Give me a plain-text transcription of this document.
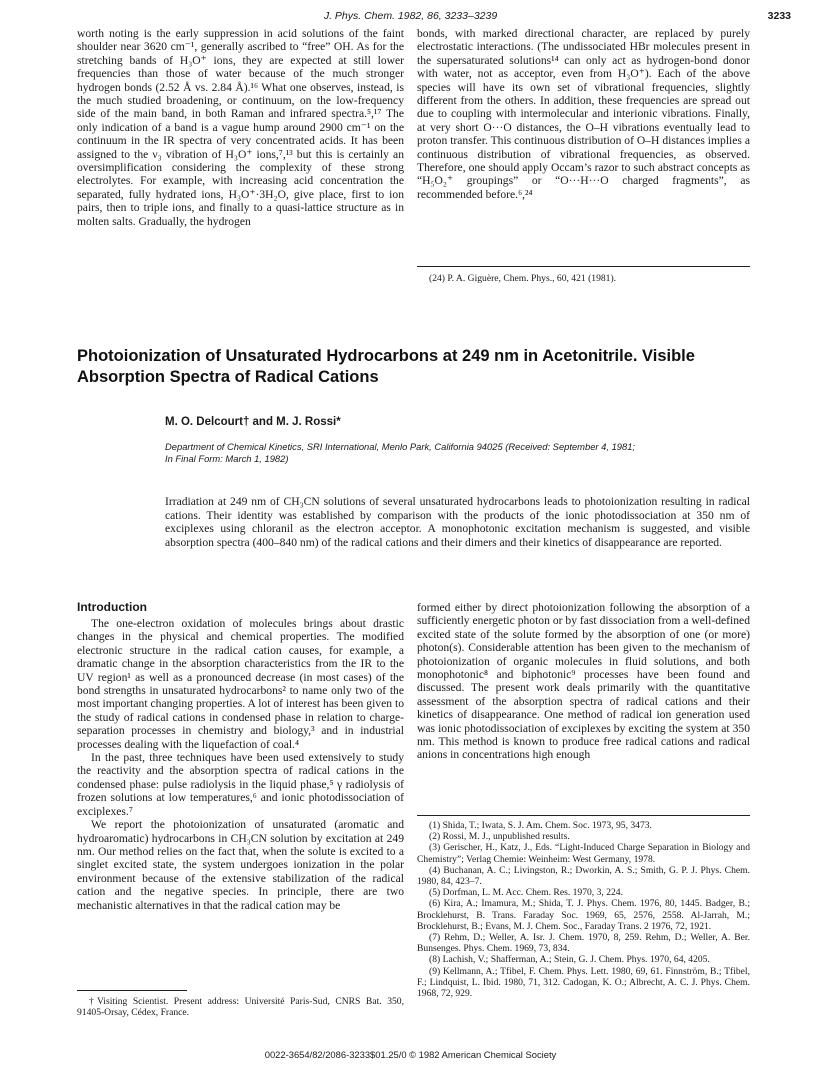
J. Phys. Chem. 1982, 86, 3233–3239	3233

worth noting is the early suppression in acid solutions of the faint shoulder near 3620 cm⁻¹, generally ascribed to “free” OH. As for the stretching bands of H₃O⁺ ions, they are expected at still lower frequencies than those of water because of the much stronger hydrogen bonds (2.52 Å vs. 2.84 Å).¹⁶ What one observes, instead, is the much studied broadening, or continuum, on the low-frequency side of the main band, in both Raman and infrared spectra.⁵,¹⁷ The only indication of a band is a vague hump around 2900 cm⁻¹ on the continuum in the IR spectra of very concentrated acids. It has been assigned to the ν₃ vibration of H₃O⁺ ions,⁷,¹³ but this is certainly an oversimplification considering the complexity of these strong electrolytes. For example, with increasing acid concentration the separated, fully hydrated ions, H₃O⁺·3H₂O, give place, first to ion pairs, then to triple ions, and finally to a quasi-lattice structure as in molten salts. Gradually, the hydrogen

bonds, with marked directional character, are replaced by purely electrostatic interactions. (The undissociated HBr molecules present in the supersaturated solutions¹⁴ can only act as hydrogen-bond donor with water, not as acceptor, even from H₃O⁺). Each of the above species will have its own set of vibrational frequencies, slightly different from the others. In addition, these frequencies are spread out due to coupling with intermolecular and interionic vibrations. Finally, at very short O···O distances, the O–H vibrations eventually lead to proton transfer. This continuous distribution of O–H distances implies a continuous distribution of vibrational frequencies, as observed. Therefore, one should apply Occam’s razor to such abstract concepts as “H₅O₂⁺ groupings” or “O···H···O charged fragments”, as recommended before.⁶,²⁴

(24) P. A. Giguère, Chem. Phys., 60, 421 (1981).

Photoionization of Unsaturated Hydrocarbons at 249 nm in Acetonitrile. Visible Absorption Spectra of Radical Cations
M. O. Delcourt† and M. J. Rossi*
Department of Chemical Kinetics, SRI International, Menlo Park, California 94025 (Received: September 4, 1981;
In Final Form: March 1, 1982)
Irradiation at 249 nm of CH₃CN solutions of several unsaturated hydrocarbons leads to photoionization resulting in radical cations. Their identity was established by comparison with the products of the ionic photodissociation at 350 nm of exciplexes using chloranil as the electron acceptor. A monophotonic excitation mechanism is suggested, and visible absorption spectra (400–840 nm) of the radical cations and their dimers and their kinetics of disappearance are reported.
Introduction

The one-electron oxidation of molecules brings about drastic changes in the physical and chemical properties. The modified electronic structure in the radical cation causes, for example, a dramatic change in the absorption characteristics from the IR to the UV region¹ as well as a pronounced decrease (in most cases) of the bond strengths in unsaturated hydrocarbons² to name only two of the most important changing properties. A lot of interest has been given to the study of radical cations in condensed phase in relation to charge-separation processes in chemistry and biology,³ and in industrial processes dealing with the liquefaction of coal.⁴

In the past, three techniques have been used extensively to study the reactivity and the absorption spectra of radical cations in the condensed phase: pulse radiolysis in the liquid phase,⁵ γ radiolysis of frozen solutions at low temperatures,⁶ and ionic photodissociation of exciplexes.⁷

We report the photoionization of unsaturated (aromatic and hydroaromatic) hydrocarbons in CH₃CN solution by excitation at 249 nm. Our method relies on the fact that, when the solute is excited to a singlet excited state, the system undergoes ionization in the polar environment because of the extensive stabilization of the radical cation and the negative species. In principle, there are two mechanistic alternatives in that the radical cation may be

formed either by direct photoionization following the absorption of a sufficiently energetic photon or by fast dissociation from a well-defined excited state of the solute formed by the absorption of one (or more) photon(s). Considerable attention has been given to the mechanism of photoionization of organic molecules in fluid solutions, and both monophotonic⁸ and biphotonic⁹ processes have been found and discussed. The present work deals primarily with the quantitative assessment of the absorption spectra of radical cations and their kinetics of disappearance. One method of radical ion generation used was ionic photodissociation of exciplexes by exciting the system at 350 nm. This method is known to produce free radical cations and radical anions in concentrations high enough

(1) Shida, T.; Iwata, S. J. Am. Chem. Soc. 1973, 95, 3473.

(2) Rossi, M. J., unpublished results.

(3) Gerischer, H., Katz, J., Eds. “Light-Induced Charge Separation in Biology and Chemistry”; Verlag Chemie: Weinheim: West Germany, 1978.

(4) Buchanan, A. C.; Livingston, R.; Dworkin, A. S.; Smith, G. P. J. Phys. Chem. 1980, 84, 423–7.

(5) Dorfman, L. M. Acc. Chem. Res. 1970, 3, 224.

(6) Kira, A.; Imamura, M.; Shida, T. J. Phys. Chem. 1976, 80, 1445. Badger, B.; Brocklehurst, B. Trans. Faraday Soc. 1969, 65, 2576, 2558. Al-Jarrah, M.; Brocklehurst, B.; Evans, M. J. Chem. Soc., Faraday Trans. 2 1976, 72, 1921.

(7) Rehm, D.; Weller, A. Isr. J. Chem. 1970, 8, 259. Rehm, D.; Weller, A. Ber. Bunsenges. Phys. Chem. 1969, 73, 834.

(8) Lachish, V.; Shafferman, A.; Stein, G. J. Chem. Phys. 1970, 64, 4205.

(9) Kellmann, A.; Tfibel, F. Chem. Phys. Lett. 1980, 69, 61. Finnström, B.; Tfibel, F.; Lindquist, L. Ibid. 1980, 71, 312. Cadogan, K. O.; Albrecht, A. C. J. Phys. Chem. 1968, 72, 929.

†Visiting Scientist. Present address: Université Paris-Sud, CNRS Bat. 350, 91405-Orsay, Cédex, France.

0022-3654/82/2086-3233$01.25/0 © 1982 American Chemical Society
